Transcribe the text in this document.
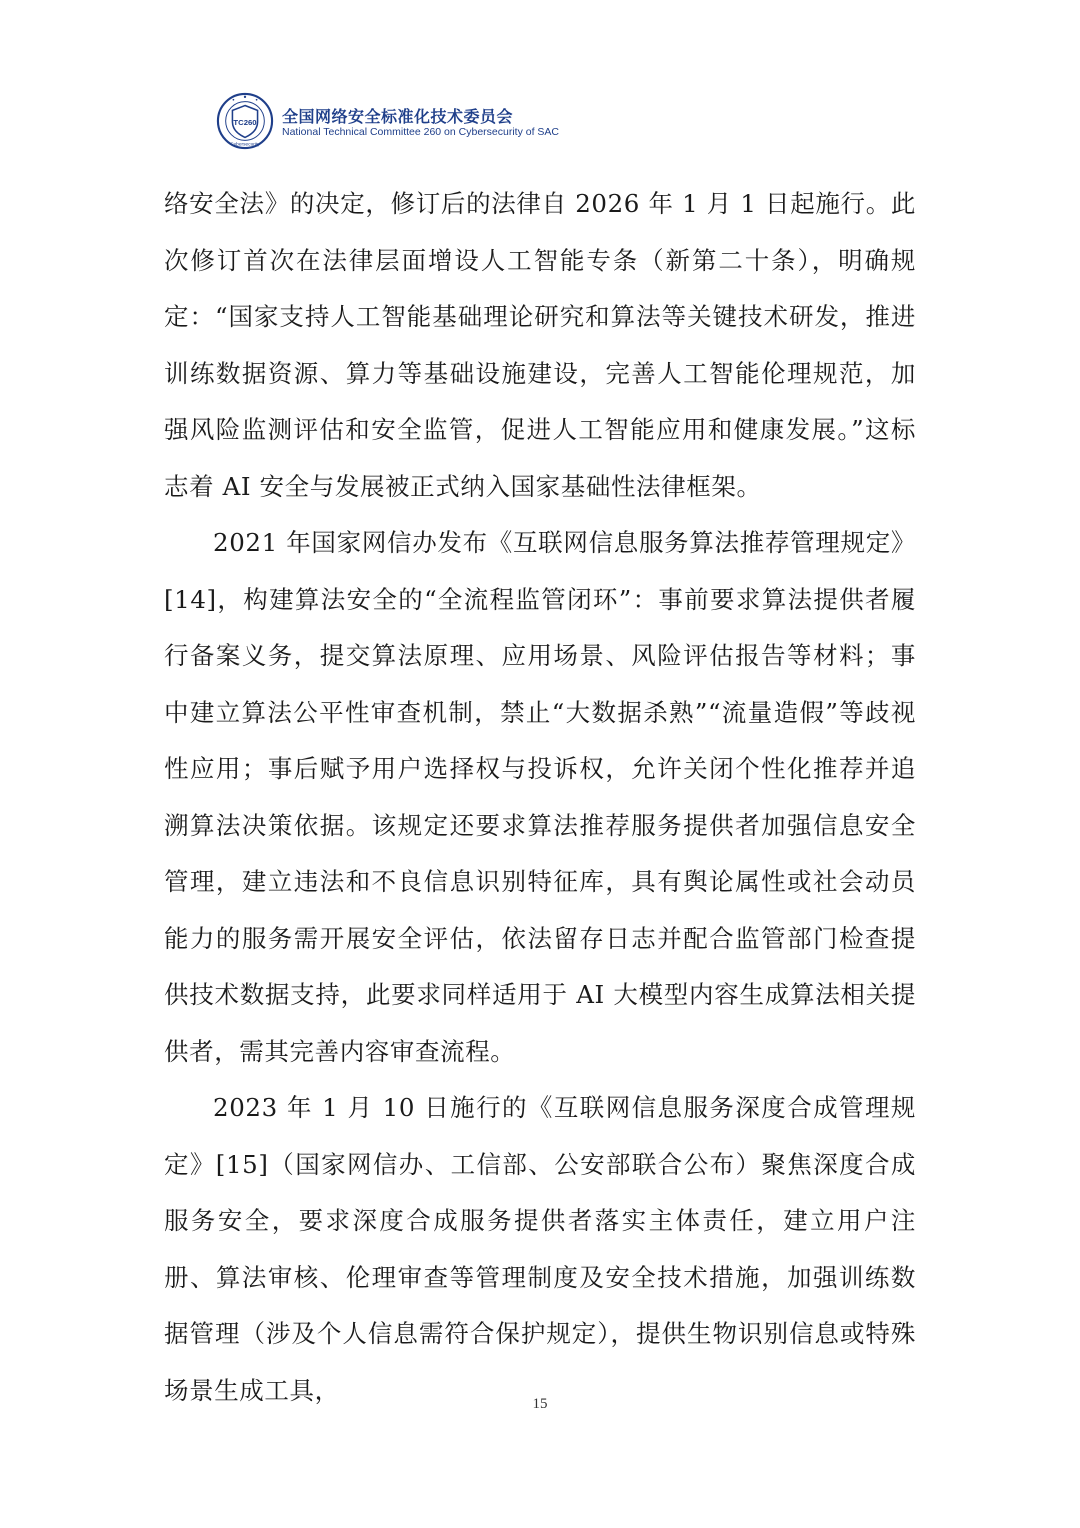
TC260
Cybersecurity
全国网络安全标准化技术委员会
National Technical Committee 260 on Cybersecurity of SAC

络安全法》的决定，修订后的法律自 2026 年 1 月 1 日起施行。此次修订首次在法律层面增设人工智能专条（新第二十条），明确规定：“国家支持人工智能基础理论研究和算法等关键技术研发，推进训练数据资源、算力等基础设施建设，完善人工智能伦理规范，加强风险监测评估和安全监管，促进人工智能应用和健康发展。”这标志着 AI 安全与发展被正式纳入国家基础性法律框架。

2021 年国家网信办发布《互联网信息服务算法推荐管理规定》[14]，构建算法安全的“全流程监管闭环”：事前要求算法提供者履行备案义务，提交算法原理、应用场景、风险评估报告等材料；事中建立算法公平性审查机制，禁止“大数据杀熟”“流量造假”等歧视性应用；事后赋予用户选择权与投诉权，允许关闭个性化推荐并追溯算法决策依据。该规定还要求算法推荐服务提供者加强信息安全管理，建立违法和不良信息识别特征库，具有舆论属性或社会动员能力的服务需开展安全评估，依法留存日志并配合监管部门检查提供技术数据支持，此要求同样适用于 AI 大模型内容生成算法相关提供者，需其完善内容审查流程。

2023 年 1 月 10 日施行的《互联网信息服务深度合成管理规定》[15]（国家网信办、工信部、公安部联合公布）聚焦深度合成服务安全，要求深度合成服务提供者落实主体责任，建立用户注册、算法审核、伦理审查等管理制度及安全技术措施，加强训练数据管理（涉及个人信息需符合保护规定），提供生物识别信息或特殊场景生成工具，	15
